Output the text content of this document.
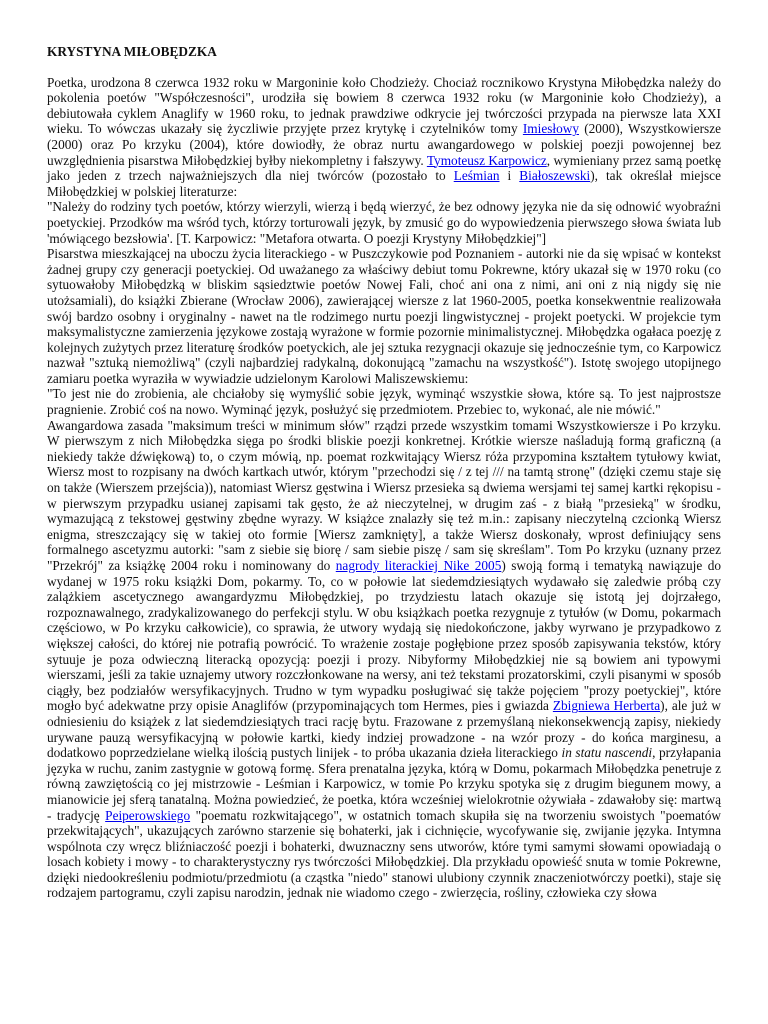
KRYSTYNA MIŁOBĘDZKA

Poetka, urodzona 8 czerwca 1932 roku w Margoninie koło Chodzieży. Chociaż rocznikowo Krystyna Miłobędzka należy do pokolenia poetów "Współczesności", urodziła się bowiem 8 czerwca 1932 roku (w Margoninie koło Chodzieży), a debiutowała cyklem Anaglify w 1960 roku, to jednak prawdziwe odkrycie jej twórczości przypada na pierwsze lata XXI wieku. To wówczas ukazały się życzliwie przyjęte przez krytykę i czytelników tomy Imiesłowy (2000), Wszystkowiersze (2000) oraz Po krzyku (2004), które dowiodły, że obraz nurtu awangardowego w polskiej poezji powojennej bez uwzględnienia pisarstwa Miłobędzkiej byłby niekompletny i fałszywy. Tymoteusz Karpowicz, wymieniany przez samą poetkę jako jeden z trzech najważniejszych dla niej twórców (pozostało to Leśmian i Białoszewski), tak określał miejsce Miłobędzkiej w polskiej literaturze:

"Należy do rodziny tych poetów, którzy wierzyli, wierzą i będą wierzyć, że bez odnowy języka nie da się odnowić wyobraźni poetyckiej. Przodków ma wśród tych, którzy torturowali język, by zmusić go do wypowiedzenia pierwszego słowa świata lub 'mówiącego bezsłowia'. [T. Karpowicz: "Metafora otwarta. O poezji Krystyny Miłobędzkiej"]

Pisarstwa mieszkającej na uboczu życia literackiego - w Puszczykowie pod Poznaniem - autorki nie da się wpisać w kontekst żadnej grupy czy generacji poetyckiej. Od uważanego za właściwy debiut tomu Pokrewne, który ukazał się w 1970 roku (co sytuowałoby Miłobędzką w bliskim sąsiedztwie poetów Nowej Fali, choć ani ona z nimi, ani oni z nią nigdy się nie utożsamiali), do książki Zbierane (Wrocław 2006), zawierającej wiersze z lat 1960-2005, poetka konsekwentnie realizowała swój bardzo osobny i oryginalny - nawet na tle rodzimego nurtu poezji lingwistycznej - projekt poetycki. W projekcie tym maksymalistyczne zamierzenia językowe zostają wyrażone w formie pozornie minimalistycznej. Miłobędzka ogałaca poezję z kolejnych zużytych przez literaturę środków poetyckich, ale jej sztuka rezygnacji okazuje się jednocześnie tym, co Karpowicz nazwał "sztuką niemożliwą" (czyli najbardziej radykalną, dokonującą "zamachu na wszystkość"). Istotę swojego utopijnego zamiaru poetka wyraziła w wywiadzie udzielonym Karolowi Maliszewskiemu:

"To jest nie do zrobienia, ale chciałoby się wymyślić sobie język, wyminąć wszystkie słowa, które są. To jest najprostsze pragnienie. Zrobić coś na nowo. Wyminąć język, posłużyć się przedmiotem. Przebiec to, wykonać, ale nie mówić."

Awangardowa zasada "maksimum treści w minimum słów" rządzi przede wszystkim tomami Wszystkowiersze i Po krzyku. W pierwszym z nich Miłobędzka sięga po środki bliskie poezji konkretnej. Krótkie wiersze naśladują formą graficzną (a niekiedy także dźwiękową) to, o czym mówią, np. poemat rozkwitający Wiersz róża przypomina kształtem tytułowy kwiat, Wiersz most to rozpisany na dwóch kartkach utwór, którym "przechodzi się / z tej /// na tamtą stronę" (dzięki czemu staje się on także (Wierszem przejścia)), natomiast Wiersz gęstwina i Wiersz przesieka są dwiema wersjami tej samej kartki rękopisu - w pierwszym przypadku usianej zapisami tak gęsto, że aż nieczytelnej, w drugim zaś - z białą "przesieką" w środku, wymazującą z tekstowej gęstwiny zbędne wyrazy. W książce znalazły się też m.in.: zapisany nieczytelną czcionką Wiersz enigma, streszczający się w takiej oto formie [Wiersz zamknięty], a także Wiersz doskonały, wprost definiujący sens formalnego ascetyzmu autorki: "sam z siebie się biorę / sam siebie piszę / sam się skreślam". Tom Po krzyku (uznany przez "Przekrój" za książkę 2004 roku i nominowany do nagrody literackiej Nike 2005) swoją formą i tematyką nawiązuje do wydanej w 1975 roku książki Dom, pokarmy. To, co w połowie lat siedemdziesiątych wydawało się zaledwie próbą czy zalążkiem ascetycznego awangardyzmu Miłobędzkiej, po trzydziestu latach okazuje się istotą jej dojrzałego, rozpoznawalnego, zradykalizowanego do perfekcji stylu. W obu książkach poetka rezygnuje z tytułów (w Domu, pokarmach częściowo, w Po krzyku całkowicie), co sprawia, że utwory wydają się niedokończone, jakby wyrwano je przypadkowo z większej całości, do której nie potrafią powrócić. To wrażenie zostaje pogłębione przez sposób zapisywania tekstów, który sytuuje je poza odwieczną literacką opozycją: poezji i prozy. Nibyformy Miłobędzkiej nie są bowiem ani typowymi wierszami, jeśli za takie uznajemy utwory rozczłonkowane na wersy, ani też tekstami prozatorskimi, czyli pisanymi w sposób ciągły, bez podziałów wersyfikacyjnych. Trudno w tym wypadku posługiwać się także pojęciem "prozy poetyckiej", które mogło być adekwatne przy opisie Anaglifów (przypominających tom Hermes, pies i gwiazda Zbigniewa Herberta), ale już w odniesieniu do książek z lat siedemdziesiątych traci rację bytu. Frazowane z przemyślaną niekonsekwencją zapisy, niekiedy urywane pauzą wersyfikacyjną w połowie kartki, kiedy indziej prowadzone - na wzór prozy - do końca marginesu, a dodatkowo poprzedzielane wielką ilością pustych linijek - to próba ukazania dzieła literackiego in statu nascendi, przyłapania języka w ruchu, zanim zastygnie w gotową formę. Sfera prenatalna języka, którą w Domu, pokarmach Miłobędzka penetruje z równą zawziętością co jej mistrzowie - Leśmian i Karpowicz, w tomie Po krzyku spotyka się z drugim biegunem mowy, a mianowicie jej sferą tanatalną. Można powiedzieć, że poetka, która wcześniej wielokrotnie ożywiała - zdawałoby się: martwą - tradycję Peiperowskiego "poematu rozkwitającego", w ostatnich tomach skupiła się na tworzeniu swoistych "poematów przekwitających", ukazujących zarówno starzenie się bohaterki, jak i cichnięcie, wycofywanie się, zwijanie języka. Intymna wspólnota czy wręcz bliźniaczość poezji i bohaterki, dwuznaczny sens utworów, które tymi samymi słowami opowiadają o losach kobiety i mowy - to charakterystyczny rys twórczości Miłobędzkiej. Dla przykładu opowieść snuta w tomie Pokrewne, dzięki niedookreśleniu podmiotu/przedmiotu (a cząstka "niedo" stanowi ulubiony czynnik znaczeniotwórczy poetki), staje się rodzajem partogramu, czyli zapisu narodzin, jednak nie wiadomo czego - zwierzęcia, rośliny, człowieka czy słowa
